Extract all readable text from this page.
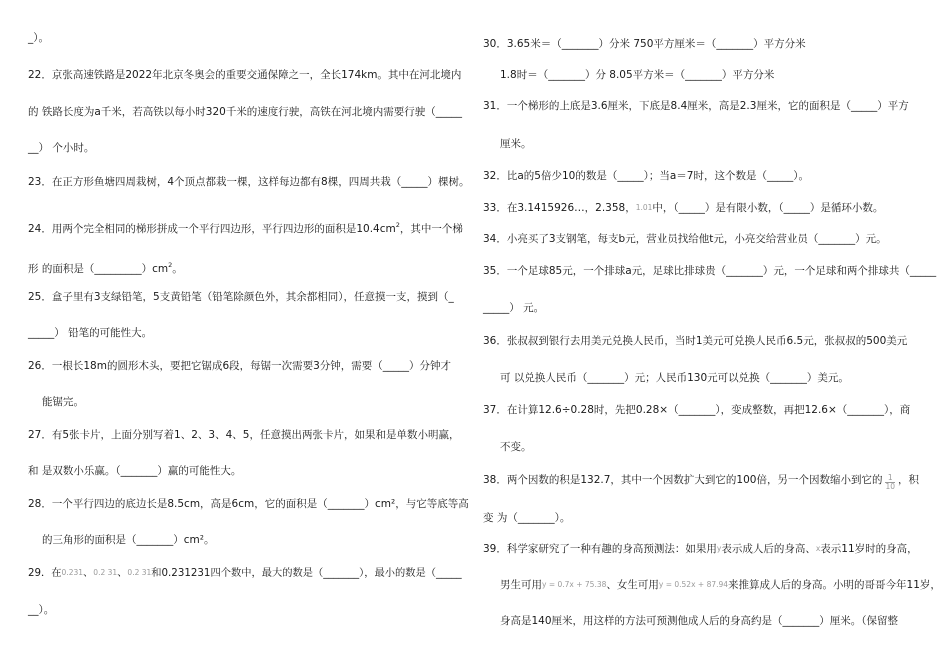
_）。
22．京张高速铁路是2022年北京冬奥会的重要交通保障之一，全长174km。其中在河北境内
的 铁路长度为a千米，若高铁以每小时320千米的速度行驶，高铁在河北境内需要行驶（_____
__） 个小时。
23．在正方形鱼塘四周栽树，4个顶点都栽一棵，这样每边都有8棵，四周共栽（_____）棵树。
24．用两个完全相同的梯形拼成一个平行四边形，平行四边形的面积是$10.4cm^2$，其中一个梯
形 的面积是$(\_\_\_\_\_\_\_\_\_)cm^2$。
25．盒子里有3支绿铅笔，5支黄铅笔（铅笔除颜色外，其余都相同），任意摸一支，摸到（_
_____） 铅笔的可能性大。
26．一根长18m的圆形木头，要把它锯成6段，每锯一次需要3分钟，需要（_____）分钟才
能锯完。
27．有5张卡片，上面分别写着1、2、3、4、5，任意摸出两张卡片，如果和是单数小明赢，
和 是双数小乐赢。（_______）赢的可能性大。
28．一个平行四边的底边长是8.5cm，高是6cm，它的面积是（_______）cm²，与它等底等高
的三角形的面积是（_______）cm²。
29．在0.231、0.2 31、0.2 31和0.231231四个数中，最大的数是（_______），最小的数是（_____
__）。
30．3.65米＝（_______）分米 750平方厘米＝（_______）平方分米
1.8时＝（_______）分 8.05平方米＝（_______）平方分米
31．一个梯形的上底是3.6厘米，下底是8.4厘米，高是2.3厘米，它的面积是（_____）平方
厘米。
32．比a的5倍少10的数是（_____）；当a＝7时，这个数是（_____）。
33．在3.1415926…，2.358，1.01中，（_____）是有限小数，（_____）是循环小数。
34．小亮买了3支钢笔，每支b元，营业员找给他t元，小亮交给营业员（_______）元。
35．一个足球85元，一个排球a元，足球比排球贵（_______）元，一个足球和两个排球共（_____
_____） 元。
36．张叔叔到银行去用美元兑换人民币，当时1美元可兑换人民币6.5元，张叔叔的500美元
可 以兑换人民币（_______）元；人民币130元可以兑换（_______）美元。
37．在计算12.6÷0.28时，先把0.28×（_______），变成整数，再把12.6×（_______），商
不变。
38．两个因数的积是132.7，其中一个因数扩大到它的100倍，另一个因数缩小到它的 $\frac{1}{10}$ ，积
变 为（_______）。
39．科学家研究了一种有趣的身高预测法：如果用y表示成人后的身高、x表示11岁时的身高，
男生可用y = 0.7x + 75.38、女生可用y = 0.52x + 87.94来推算成人后的身高。小明的哥哥今年11岁，
身高是140厘米，用这样的方法可预测他成人后的身高约是（_______）厘米。（保留整
